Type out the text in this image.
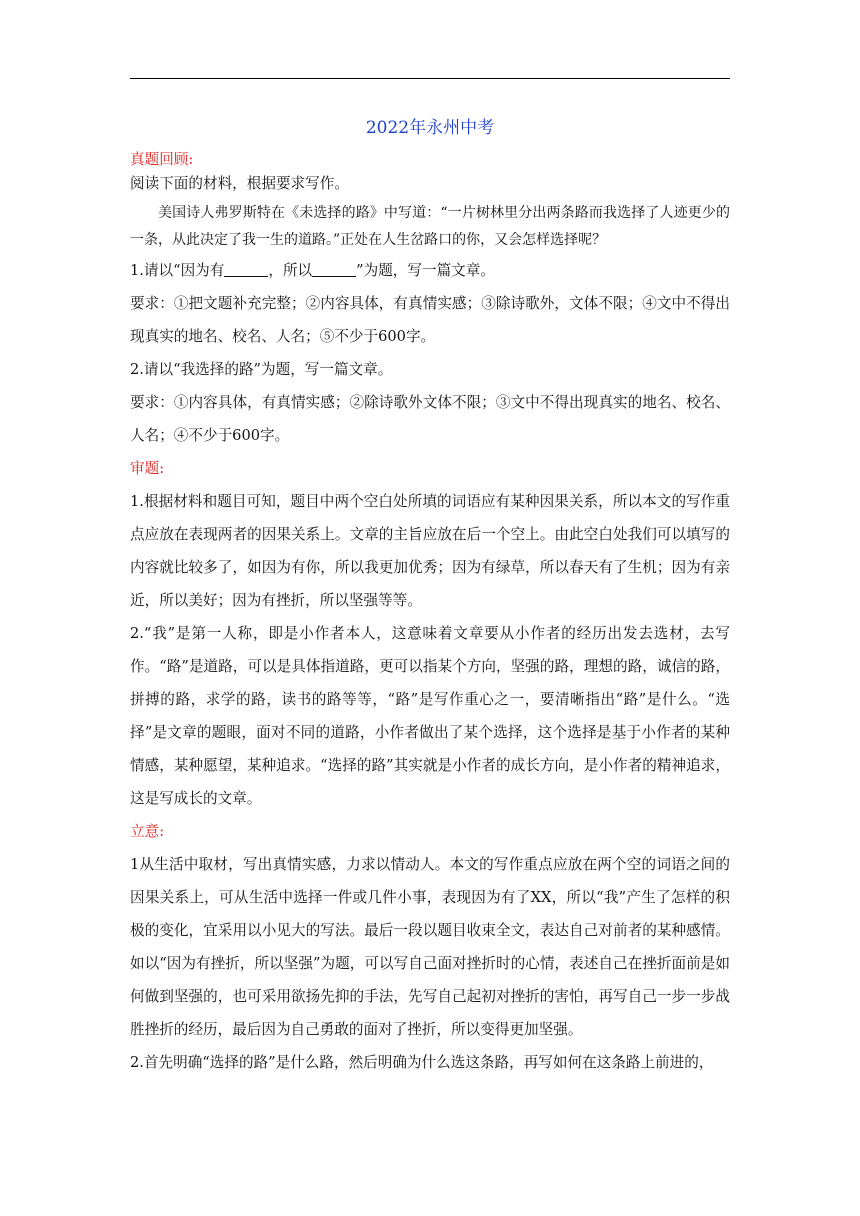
2022年永州中考

真题回顾:

阅读下面的材料，根据要求写作。

美国诗人弗罗斯特在《未选择的路》中写道：“一片树林里分出两条路而我选择了人迹更少的一条，从此决定了我一生的道路。”正处在人生岔路口的你，又会怎样选择呢？

1.请以“因为有	，所以	”为题，写一篇文章。

要求：①把文题补充完整；②内容具体，有真情实感；③除诗歌外，文体不限；④文中不得出现真实的地名、校名、人名；⑤不少于600字。

2.请以“我选择的路”为题，写一篇文章。

要求：①内容具体，有真情实感；②除诗歌外文体不限；③文中不得出现真实的地名、校名、人名；④不少于600字。

审题:

1.根据材料和题目可知，题目中两个空白处所填的词语应有某种因果关系，所以本文的写作重点应放在表现两者的因果关系上。文章的主旨应放在后一个空上。由此空白处我们可以填写的内容就比较多了，如因为有你，所以我更加优秀；因为有绿草，所以春天有了生机；因为有亲近，所以美好；因为有挫折，所以坚强等等。

2.“我”是第一人称，即是小作者本人，这意味着文章要从小作者的经历出发去选材，去写作。“路”是道路，可以是具体指道路，更可以指某个方向，坚强的路，理想的路，诚信的路，拼搏的路，求学的路，读书的路等等，“路”是写作重心之一，要清晰指出“路”是什么。“选择”是文章的题眼，面对不同的道路，小作者做出了某个选择，这个选择是基于小作者的某种情感，某种愿望，某种追求。“选择的路”其实就是小作者的成长方向，是小作者的精神追求，这是写成长的文章。

立意:

1从生活中取材，写出真情实感，力求以情动人。本文的写作重点应放在两个空的词语之间的因果关系上，可从生活中选择一件或几件小事，表现因为有了XX，所以“我”产生了怎样的积极的变化，宜采用以小见大的写法。最后一段以题目收束全文，表达自己对前者的某种感情。如以“因为有挫折，所以坚强”为题，可以写自己面对挫折时的心情，表述自己在挫折面前是如何做到坚强的，也可采用欲扬先抑的手法，先写自己起初对挫折的害怕，再写自己一步一步战胜挫折的经历，最后因为自己勇敢的面对了挫折，所以变得更加坚强。

2.首先明确“选择的路”是什么路，然后明确为什么选这条路，再写如何在这条路上前进的，
